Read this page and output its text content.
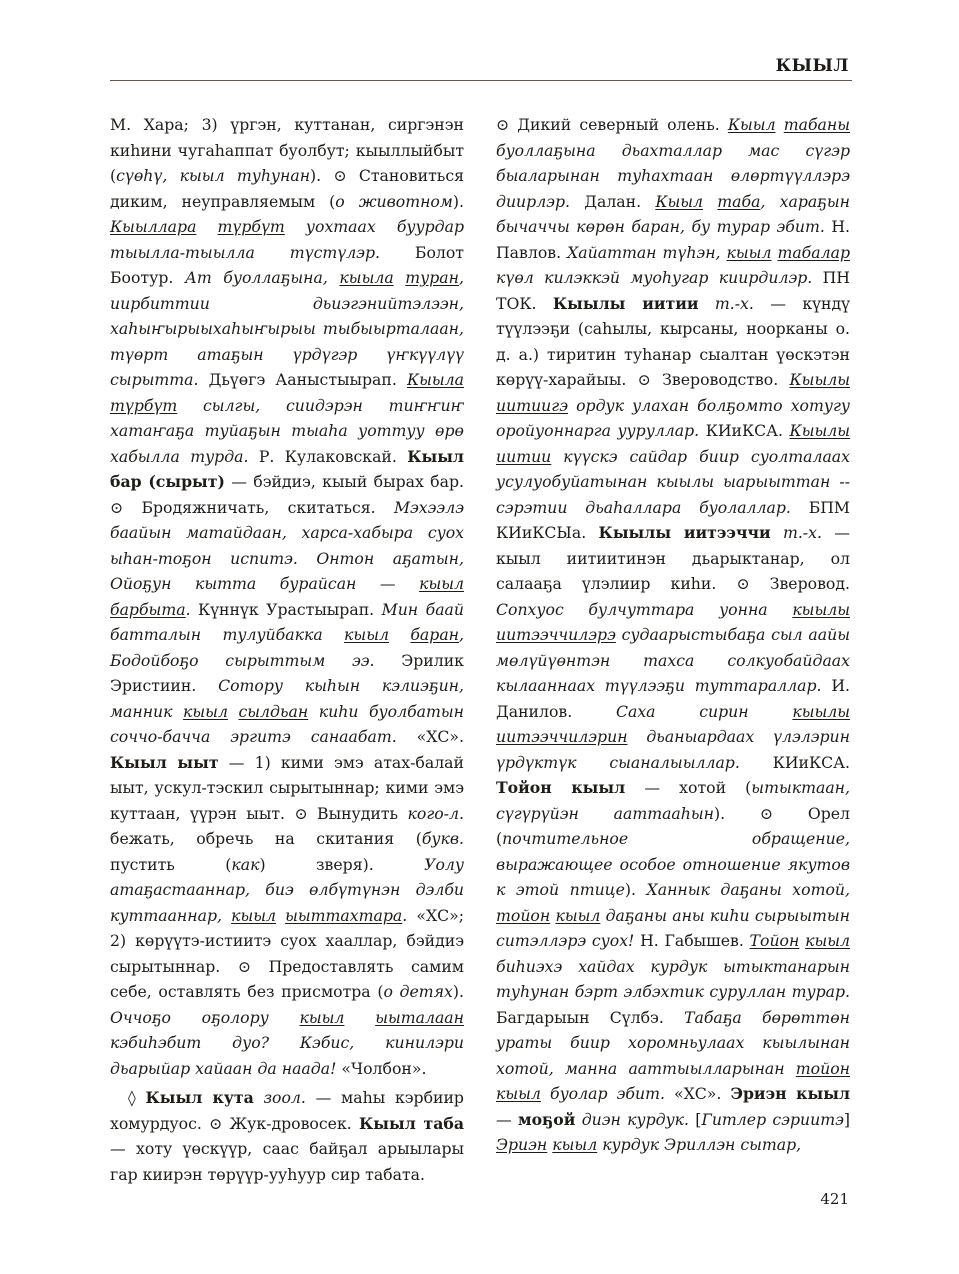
КЫЫЛ

М. Хара; 3) үргэн, куттанан, сиргэнэн киһини чугаһаппат буолбут; кыыллыйбыт (сүөһү, кыыл туһунан). ⊙ Становиться диким, неуправляемым (о животном). Кыыллара түрбүт уохтаах буурдар тыылла-тыылла түстүлэр. Болот Боотур. Ат буоллаҕына, кыыла туран, иирбиттии дьиэгэнийтэлээн, хаһыҥырыыхаһыҥырыы тыбыырталаан, түөрт атаҕын үрдүгэр үҥкүүлүү сырытта. Дьүөгэ Ааныстыырап. Кыыла түрбүт сылгы, сиидэрэн тиҥҥиҥ хатаҥаҕа туйаҕын тыаһа уоттуу өрө хабылла турда. Р. Кулаковскай. Кыыл бар (сырыт) — бэйдиэ, кыый бырах бар. ⊙ Бродяжничать, скитаться. Мэхээлэ баайын матайдаан, харса-хабыра суох ыһан-тоҕон испитэ. Онтон аҕатын, Ойоҕун кытта бурайсан — кыыл барбыта. Күннүк Урастыырап. Мин баай батталын тулуйбакка кыыл баран, Бодойбоҕо сырыттым ээ. Эрилик Эристиин. Сотору кыһын кэлиэҕин, манник кыыл сылдьан киһи буолбатын соччо-бачча эргитэ санаабат. «ХС». Кыыл ыыт — 1) кими эмэ атах-балай ыыт, ускул-тэскил сырытыннар; кими эмэ куттаан, үүрэн ыыт. ⊙ Вынудить кого-л. бежать, обречь на скитания (букв. пустить (как) зверя). Уолу атаҕастааннар, биэ өлбүтүнэн дэлби куттааннар, кыыл ыыттахтара. «ХС»; 2) көрүүтэ-истиитэ суох хааллар, бэйдиэ сырытыннар. ⊙ Предоставлять самим себе, оставлять без присмотра (о детях). Оччоҕо оҕолору кыыл ыыталаан кэбиһэбит дуо? Кэбис, кинилэри дьарыйар хайаан да наада! «Чолбон».

◊ Кыыл кута зоол. — маһы кэрбиир хомурдуос. ⊙ Жук-дровосек. Кыыл таба — хоту үөскүүр, саас байҕал арыылары гар киирэн төрүүр-ууһуур сир табата.

⊙ Дикий северный олень. Кыыл табаны буоллаҕына дьахталлар мас сүгэр быаларынан туһахтаан өлөртүүллэрэ диирлэр. Далан. Кыыл таба, хараҕын бычаччы көрөн баран, бу турар эбит. Н. Павлов. Хайаттан түһэн, кыыл табалар күөл килэккэй муоһугар киирдилэр. ПН ТОК. Кыылы иитии т.-х. — күндү түүлээҕи (саһылы, кырсаны, ноорканы о. д. а.) тиритин туһанар сыалтан үөскэтэн көрүү-харайыы. ⊙ Звероводство. Кыылы иитиигэ ордук улахан болҕомто хотугу оройуоннарга ууруллар. КИиКСА. Кыылы иитии күүскэ сайдар биир суолталаах усулуобуйатынан кыылы ыарыыттан -- сэрэтии дьаһаллара буолаллар. БПМ КИиКСЫа. Кыылы иитээччи т.-х. — кыыл иитиитинэн дьарыктанар, ол салааҕа үлэлиир киһи. ⊙ Зверовод. Сопхуос булчуттара уонна кыылы иитээччилэрэ судаарыстыбаҕа сыл аайы мөлүйүөнтэн тахса солкуобайдаах кылааннаах түүлээҕи туттараллар. И. Данилов. Саха сирин кыылы иитээччилэрин дьаныардаах үлэлэрин үрдүктүк сыаналыыллар. КИиКСА. Тойон кыыл — хотой (ытыктаан, сүгүрүйэн ааттааһын). ⊙ Орел (почтительное обращение, выражающее особое отношение якутов к этой птице). Ханнык даҕаны хотой, тойон кыыл даҕаны аны киһи сырыытын ситэллэрэ суох! Н. Габышев. Тойон кыыл биһиэхэ хайдах курдук ытыктанарын туһунан бэрт элбэхтик суруллан турар. Багдарыын Сүлбэ. Табаҕа бөрөттөн ураты биир хоромньулаах кыылынан хотой, манна ааттыылларынан тойон кыыл буолар эбит. «ХС». Эриэн кыыл — моҕой диэн курдук. [Гитлер сэриитэ] Эриэн кыыл курдук Эриллэн сытар,

421
